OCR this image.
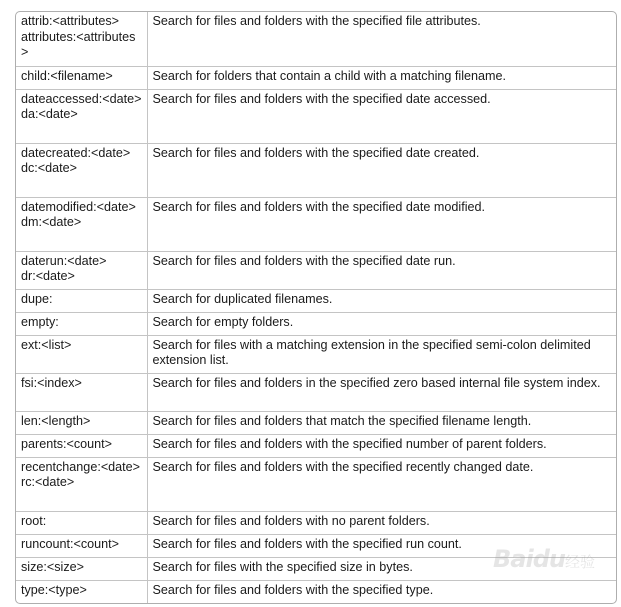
attrib:<attributes>
attributes:<attributes>	Search for files and folders with the specified file attributes.

child:<filename>	Search for folders that contain a child with a matching filename.

dateaccessed:<date>
da:<date>	Search for files and folders with the specified date accessed.

datecreated:<date>
dc:<date>	Search for files and folders with the specified date created.

datemodified:<date>
dm:<date>	Search for files and folders with the specified date modified.

daterun:<date>
dr:<date>	Search for files and folders with the specified date run.

dupe:	Search for duplicated filenames.

empty:	Search for empty folders.

ext:<list>	Search for files with a matching extension in the specified semi-colon delimited extension list.

fsi:<index>	Search for files and folders in the specified zero based internal file system index.

len:<length>	Search for files and folders that match the specified filename length.

parents:<count>	Search for files and folders with the specified number of parent folders.

recentchange:<date>
rc:<date>	Search for files and folders with the specified recently changed date.

root:	Search for files and folders with no parent folders.

runcount:<count>	Search for files and folders with the specified run count.

size:<size>	Search for files with the specified size in bytes.

type:<type>	Search for files and folders with the specified type.
Baidu经验
